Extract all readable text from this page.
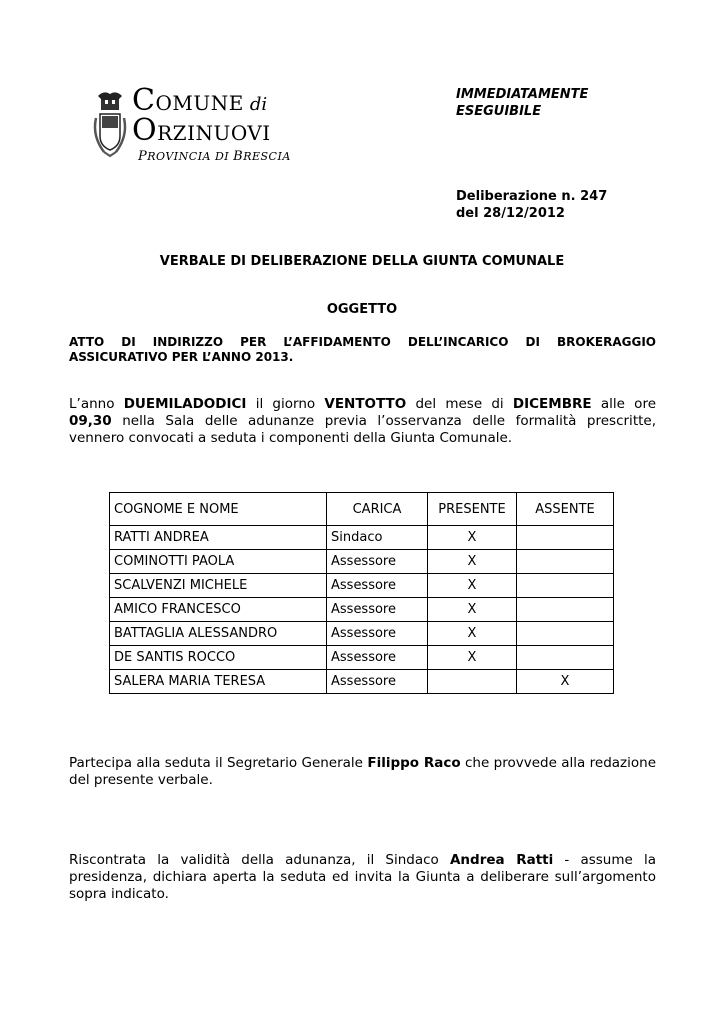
COMUNE di
ORZINUOVI
PROVINCIA DI BRESCIA
IMMEDIATAMENTE
ESEGUIBILE
Deliberazione n. 247
del 28/12/2012
VERBALE DI DELIBERAZIONE DELLA GIUNTA COMUNALE
OGGETTO
ATTO DI INDIRIZZO PER L’AFFIDAMENTO DELL’INCARICO DI BROKERAGGIO
ASSICURATIVO PER L’ANNO 2013.
L’anno DUEMILADODICI il giorno VENTOTTO del mese di DICEMBRE alle ore
09,30 nella Sala delle adunanze previa l’osservanza delle formalità prescritte,
vennero convocati a seduta i componenti della Giunta Comunale.
COGNOME E NOME	CARICA	PRESENTE	ASSENTE
RATTI ANDREA	Sindaco	X	
COMINOTTI PAOLA	Assessore	X	
SCALVENZI MICHELE	Assessore	X	
AMICO FRANCESCO	Assessore	X	
BATTAGLIA ALESSANDRO	Assessore	X	
DE SANTIS ROCCO	Assessore	X	
SALERA MARIA TERESA	Assessore		X
Partecipa alla seduta il Segretario Generale Filippo Raco che provvede alla redazione
del presente verbale.
Riscontrata la validità della adunanza, il Sindaco Andrea Ratti - assume la
presidenza, dichiara aperta la seduta ed invita la Giunta a deliberare sull’argomento
sopra indicato.
